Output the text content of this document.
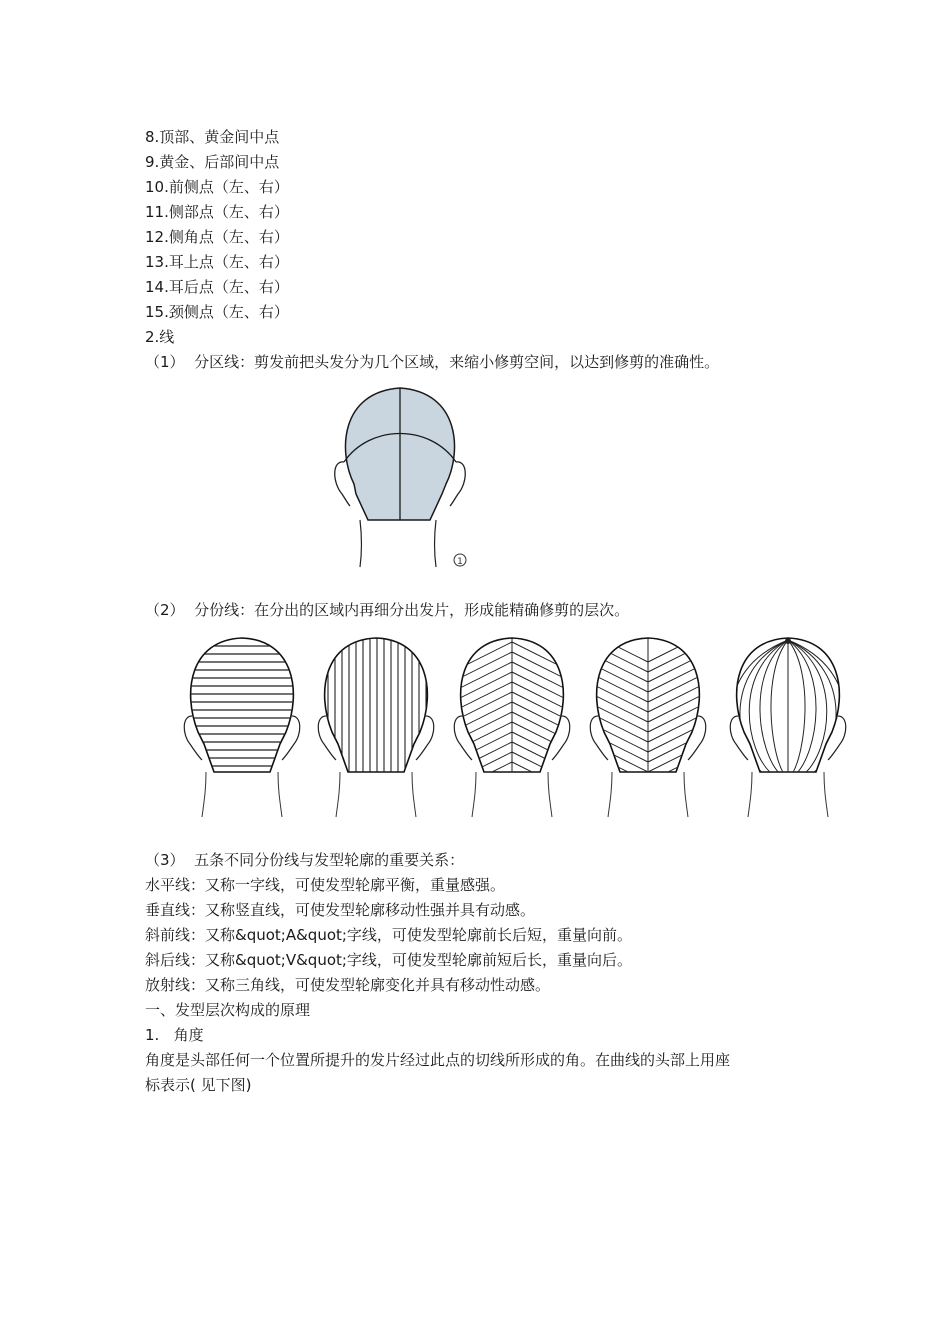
8.顶部、黄金间中点
9.黄金、后部间中点
10.前侧点（左、右）
11.侧部点（左、右）
12.侧角点（左、右）
13.耳上点（左、右）
14.耳后点（左、右）
15.颈侧点（左、右）
2.线
（1）  分区线：剪发前把头发分为几个区域，来缩小修剪空间，以达到修剪的准确性。
1
（2）  分份线：在分出的区域内再细分出发片，形成能精确修剪的层次。
（3）  五条不同分份线与发型轮廓的重要关系：
水平线：又称一字线，可使发型轮廓平衡，重量感强。
垂直线：又称竖直线，可使发型轮廓移动性强并具有动感。
斜前线：又称&quot;A&quot;字线，可使发型轮廓前长后短，重量向前。
斜后线：又称&quot;V&quot;字线，可使发型轮廓前短后长，重量向后。
放射线：又称三角线，可使发型轮廓变化并具有移动性动感。
一、发型层次构成的原理
1.   角度
角度是头部任何一个位置所提升的发片经过此点的切线所形成的角。在曲线的头部上用座
标表示( 见下图)
